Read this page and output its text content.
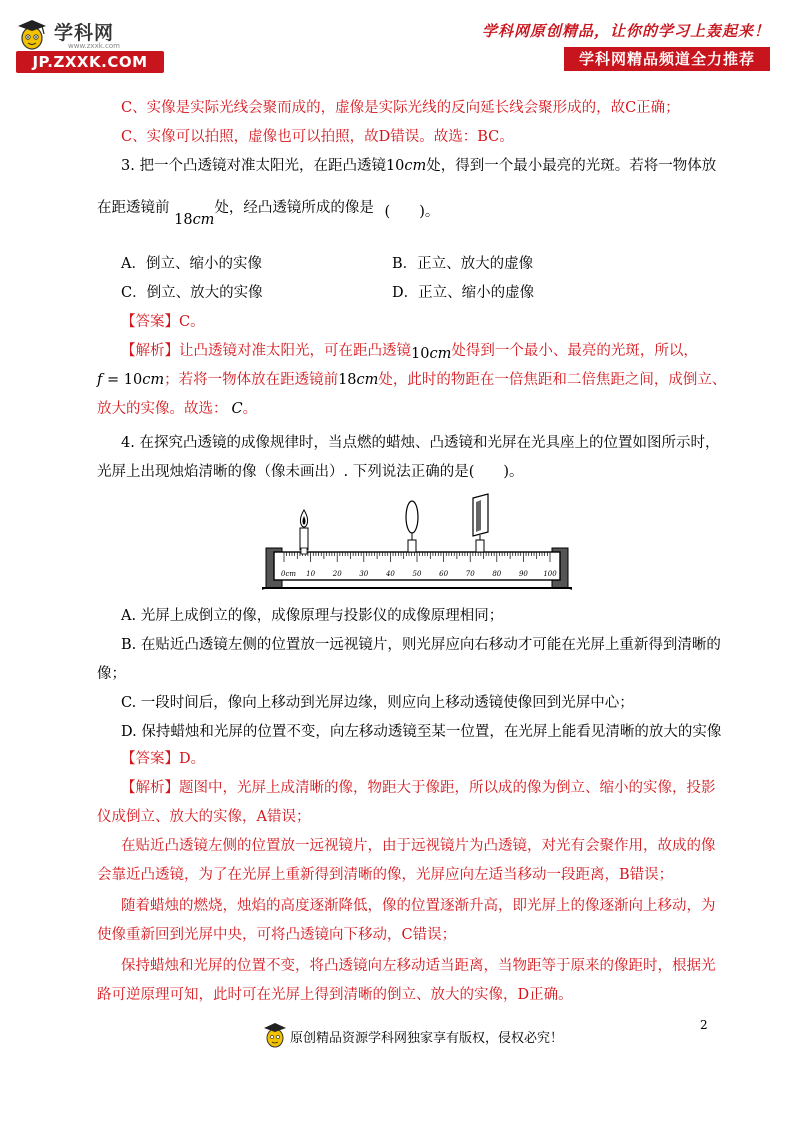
学科网
www.zxxk.com
JP.ZXXK.COM
学科网原创精品，让你的学习上轰起来！
学科网精品频道全力推荐
C、实像是实际光线会聚而成的，虚像是实际光线的反向延长线会聚形成的，故C正确；
C、实像可以拍照，虚像也可以拍照，故D错误。故选：BC。
3. 把一个凸透镜对准太阳光，在距凸透镜10cm处，得到一个最小最亮的光斑。若将一物体放
在距透镜前 18cm处，经凸透镜所成的像是 (　　)。
A．倒立、缩小的实像	B．正立、放大的虚像
C．倒立、放大的实像	D．正立、缩小的虚像
【答案】C。
【解析】让凸透镜对准太阳光，可在距凸透镜10cm处得到一个最小、最亮的光斑，所以，
f = 10cm；若将一物体放在距透镜前18cm处，此时的物距在一倍焦距和二倍焦距之间，成倒立、
放大的实像。故选： C。
4. 在探究凸透镜的成像规律时，当点燃的蜡烛、凸透镜和光屏在光具座上的位置如图所示时，
光屏上出现烛焰清晰的像（像未画出）. 下列说法正确的是(　　)。
0cm 10	20	30	40	50	60	70	80	90 100
A. 光屏上成倒立的像，成像原理与投影仪的成像原理相同；
B. 在贴近凸透镜左侧的位置放一远视镜片，则光屏应向右移动才可能在光屏上重新得到清晰的
像；
C. 一段时间后，像向上移动到光屏边缘，则应向上移动透镜使像回到光屏中心；
D. 保持蜡烛和光屏的位置不变，向左移动透镜至某一位置，在光屏上能看见清晰的放大的实像
【答案】D。
【解析】题图中，光屏上成清晰的像，物距大于像距，所以成的像为倒立、缩小的实像，投影
仪成倒立、放大的实像，A错误；
在贴近凸透镜左侧的位置放一远视镜片，由于远视镜片为凸透镜，对光有会聚作用，故成的像
会靠近凸透镜，为了在光屏上重新得到清晰的像，光屏应向左适当移动一段距离，B错误；
随着蜡烛的燃烧，烛焰的高度逐渐降低，像的位置逐渐升高，即光屏上的像逐渐向上移动，为
使像重新回到光屏中央，可将凸透镜向下移动，C错误；
保持蜡烛和光屏的位置不变，将凸透镜向左移动适当距离，当物距等于原来的像距时，根据光
路可逆原理可知，此时可在光屏上得到清晰的倒立、放大的实像，D正确。
2
原创精品资源学科网独家享有版权，侵权必究！
